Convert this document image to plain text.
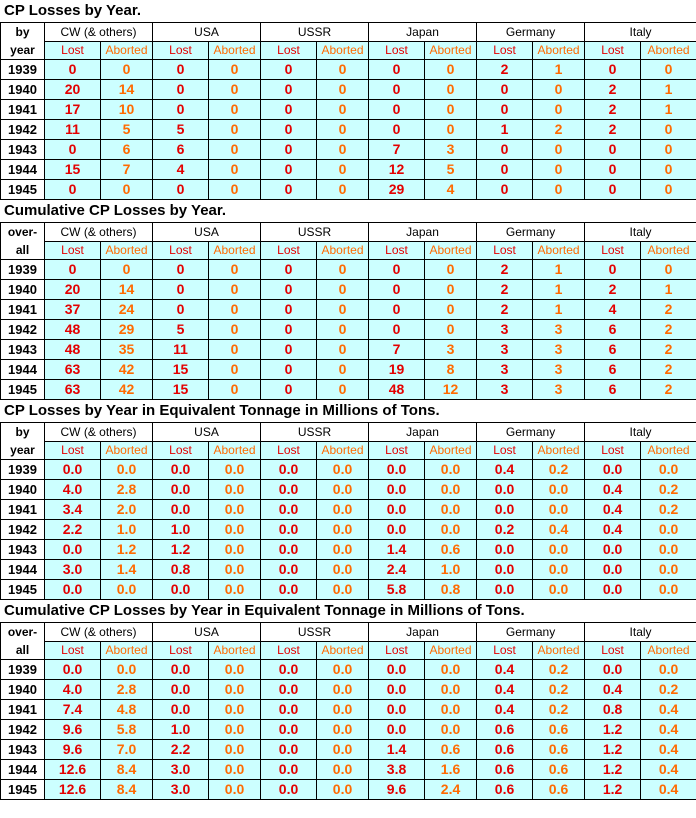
CP Losses by Year.
by
year	CW (& others)		USA		USSR		Japan		Germany		Italy	
	Lost	Aborted	Lost	Aborted	Lost	Aborted	Lost	Aborted	Lost	Aborted	Lost	Aborted
1939	0	0	0	0	0	0	0	0	2	1	0	0
1940	20	14	0	0	0	0	0	0	0	0	2	1
1941	17	10	0	0	0	0	0	0	0	0	2	1
1942	11	5	5	0	0	0	0	0	1	2	2	0
1943	0	6	6	0	0	0	7	3	0	0	0	0
1944	15	7	4	0	0	0	12	5	0	0	0	0
1945	0	0	0	0	0	0	29	4	0	0	0	0
Cumulative CP Losses by Year.
over-
all	CW (& others)		USA		USSR		Japan		Germany		Italy	
	Lost	Aborted	Lost	Aborted	Lost	Aborted	Lost	Aborted	Lost	Aborted	Lost	Aborted
1939	0	0	0	0	0	0	0	0	2	1	0	0
1940	20	14	0	0	0	0	0	0	2	1	2	1
1941	37	24	0	0	0	0	0	0	2	1	4	2
1942	48	29	5	0	0	0	0	0	3	3	6	2
1943	48	35	11	0	0	0	7	3	3	3	6	2
1944	63	42	15	0	0	0	19	8	3	3	6	2
1945	63	42	15	0	0	0	48	12	3	3	6	2
CP Losses by Year in Equivalent Tonnage in Millions of Tons.
by
year	CW (& others)		USA		USSR		Japan		Germany		Italy	
	Lost	Aborted	Lost	Aborted	Lost	Aborted	Lost	Aborted	Lost	Aborted	Lost	Aborted
1939	0.0	0.0	0.0	0.0	0.0	0.0	0.0	0.0	0.4	0.2	0.0	0.0
1940	4.0	2.8	0.0	0.0	0.0	0.0	0.0	0.0	0.0	0.0	0.4	0.2
1941	3.4	2.0	0.0	0.0	0.0	0.0	0.0	0.0	0.0	0.0	0.4	0.2
1942	2.2	1.0	1.0	0.0	0.0	0.0	0.0	0.0	0.2	0.4	0.4	0.0
1943	0.0	1.2	1.2	0.0	0.0	0.0	1.4	0.6	0.0	0.0	0.0	0.0
1944	3.0	1.4	0.8	0.0	0.0	0.0	2.4	1.0	0.0	0.0	0.0	0.0
1945	0.0	0.0	0.0	0.0	0.0	0.0	5.8	0.8	0.0	0.0	0.0	0.0
Cumulative CP Losses by Year in Equivalent Tonnage in Millions of Tons.
over-
all	CW (& others)		USA		USSR		Japan		Germany		Italy	
	Lost	Aborted	Lost	Aborted	Lost	Aborted	Lost	Aborted	Lost	Aborted	Lost	Aborted
1939	0.0	0.0	0.0	0.0	0.0	0.0	0.0	0.0	0.4	0.2	0.0	0.0
1940	4.0	2.8	0.0	0.0	0.0	0.0	0.0	0.0	0.4	0.2	0.4	0.2
1941	7.4	4.8	0.0	0.0	0.0	0.0	0.0	0.0	0.4	0.2	0.8	0.4
1942	9.6	5.8	1.0	0.0	0.0	0.0	0.0	0.0	0.6	0.6	1.2	0.4
1943	9.6	7.0	2.2	0.0	0.0	0.0	1.4	0.6	0.6	0.6	1.2	0.4
1944	12.6	8.4	3.0	0.0	0.0	0.0	3.8	1.6	0.6	0.6	1.2	0.4
1945	12.6	8.4	3.0	0.0	0.0	0.0	9.6	2.4	0.6	0.6	1.2	0.4
